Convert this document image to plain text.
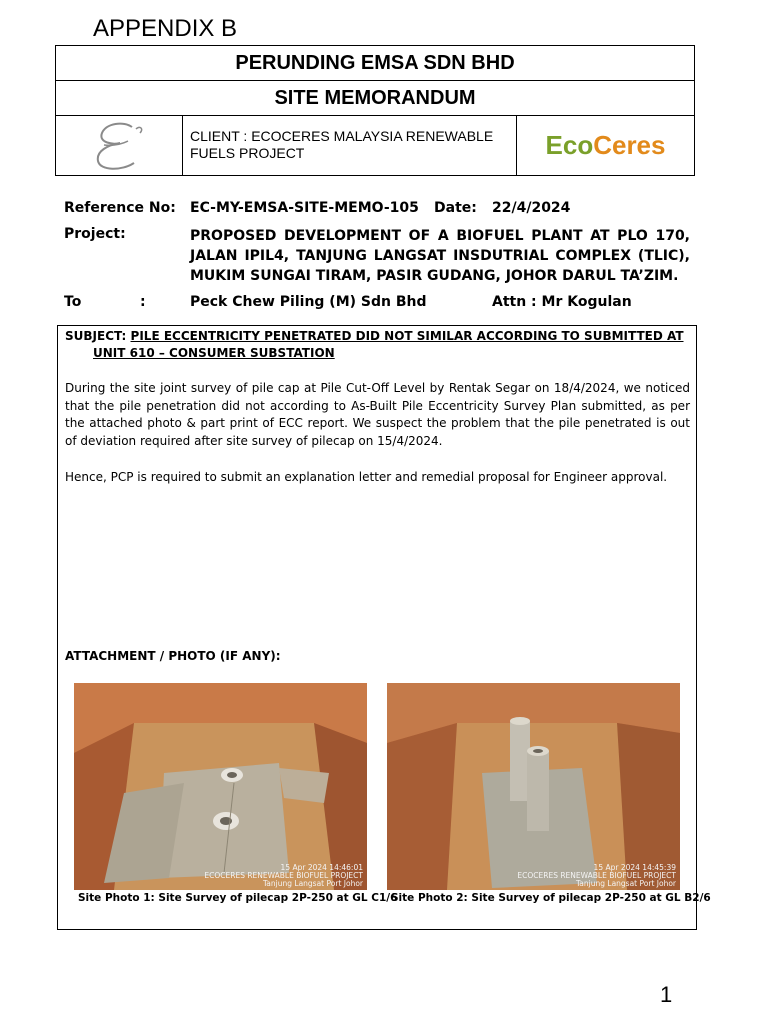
APPENDIX B
PERUNDING EMSA SDN BHD
SITE MEMORANDUM
CLIENT : ECOCERES MALAYSIA RENEWABLE FUELS PROJECT	Eco Ceres
Reference No: EC-MY-EMSA-SITE-MEMO-105 Date: 22/4/2024
Project:	PROPOSED DEVELOPMENT OF A BIOFUEL PLANT AT PLO 170,
JALAN IPIL4, TANJUNG LANGSAT INSDUTRIAL COMPLEX (TLIC),
MUKIM SUNGAI TIRAM, PASIR GUDANG, JOHOR DARUL TA’ZIM.
To	:	Peck Chew Piling (M) Sdn Bhd	Attn : Mr Kogulan
SUBJECT: PILE ECCENTRICITY PENETRATED DID NOT SIMILAR ACCORDING TO SUBMITTED AT
UNIT 610 – CONSUMER SUBSTATION
During the site joint survey of pile cap at Pile Cut-Off Level by Rentak Segar on 18/4/2024, we noticed that the pile penetration did not according to As-Built Pile Eccentricity Survey Plan submitted, as per the attached photo & part print of ECC report. We suspect the problem that the pile penetrated is out of deviation required after site survey of pilecap on 15/4/2024.
Hence, PCP is required to submit an explanation letter and remedial proposal for Engineer approval.
ATTACHMENT / PHOTO (IF ANY):
15 Apr 2024 14:46:01
ECOCERES RENEWABLE BIOFUEL PROJECT
Tanjung Langsat Port Johor
Site Photo 1: Site Survey of pilecap 2P-250 at GL C1/6
15 Apr 2024 14:45:39
ECOCERES RENEWABLE BIOFUEL PROJECT
Tanjung Langsat Port Johor
Site Photo 2: Site Survey of pilecap 2P-250 at GL B2/6
1
